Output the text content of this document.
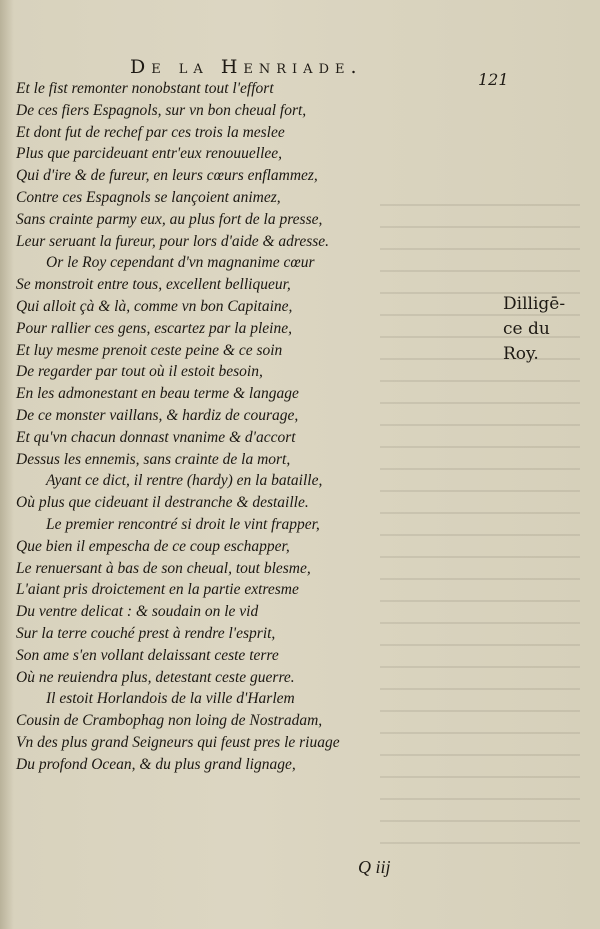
De la Henriade.
121
Et le fist remonter nonobstant tout l'effort
De ces fiers Espagnols, sur vn bon cheual fort,
Et dont fut de rechef par ces trois la meslee
Plus que parcideuant entr'eux renouuellee,
Qui d'ire & de fureur, en leurs cœurs enflammez,
Contre ces Espagnols se lançoient animez,
Sans crainte parmy eux, au plus fort de la presse,
Leur seruant la fureur, pour lors d'aide & adresse.
Or le Roy cependant d'vn magnanime cœur
Se monstroit entre tous, excellent belliqueur,
Qui alloit çà & là, comme vn bon Capitaine,
Pour rallier ces gens, escartez par la pleine,
Et luy mesme prenoit ceste peine & ce soin
De regarder par tout où il estoit besoin,
En les admonestant en beau terme & langage
De ce monster vaillans, & hardiz de courage,
Et qu'vn chacun donnast vnanime & d'accort
Dessus les ennemis, sans crainte de la mort,
Ayant ce dict, il rentre (hardy) en la bataille,
Où plus que cideuant il destranche & destaille.
Le premier rencontré si droit le vint frapper,
Que bien il empescha de ce coup eschapper,
Le renuersant à bas de son cheual, tout blesme,
L'aiant pris droictement en la partie extresme
Du ventre delicat : & soudain on le vid
Sur la terre couché prest à rendre l'esprit,
Son ame s'en vollant delaissant ceste terre
Où ne reuiendra plus, detestant ceste guerre.
Il estoit Horlandois de la ville d'Harlem
Cousin de Crambophag non loing de Nostradam,
Vn des plus grand Seigneurs qui feust pres le riuage
Du profond Ocean, & du plus grand lignage,
Dilligē-
ce du
Roy.
Q iij
